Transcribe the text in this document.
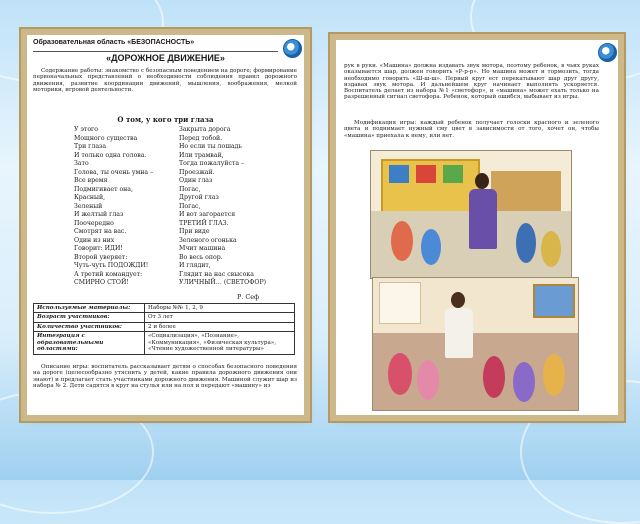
Образовательная область «БЕЗОПАСНОСТЬ»
«ДОРОЖНОЕ ДВИЖЕНИЕ»
Содержание работы: знакомство с безопасным поведением на дороге; формирование первоначальных представлений о необходимости соблюдения правил дорожного движения, развитие координации движений, мышления, воображения, мелкой моторики, игровой деятельности.
О том, у кого три глаза
У этого
Мощного существа
Три глаза
И только одна голова.
Зато
Голова, ты очень умна –
Все время
Подмигивает она,
Красный,
Зеленый
И желтый глаз
Поочередно
Смотрят на вас.
Один из них
Говорит: ИДИ!
Второй уверяет:
Чуть-чуть ПОДОЖДИ!
А третий командует:
СМИРНО СТОЙ!
Закрыта дорога
Перед тобой.
Но если ты лошадь
Или трамвай,
Тогда пожалуйста –
Проезжай.
Один глаз
Погас,
Другой глаз
Погас,
И вот загорается
ТРЕТИЙ ГЛАЗ.
При виде
Зеленого огонька
Мчит машина
Во весь опор.
И глядит,
Глядит на нас свысока
УЛИЧНЫЙ… (СВЕТОФОР)
Р. Сеф
Используемые материалы:	Наборы №№ 1, 2, 9
Возраст участников:	От 3 лет
Количество участников:	2 и более
Интеграция с образовательными областями:	«Социализация», «Познание», «Коммуникация», «Физическая культура», «Чтение художественной литературы»
Описание игры: воспитатель рассказывает детям о способах безопасного поведения на дороге (целесообразно утяснить у детей, какие правила дорожного движения они знают) и предлагает стать участниками дорожного движения. Машиной служит шар из набора № 2. Дети садятся в круг на стулья или на пол и передают «машину» из
рук в руки. «Машина» должна издавать звук мотора, поэтому ребенок, в чьих руках оказывается шар, должен говорить «Р-р-р». Но машина может и тормозить, тогда необходимо говорить «Ш-ш-ш». Первый круг ест перекатывают шар друг другу, издавая звук мотора. И дальнейшем круг начинает выполнять ускоряется. Воспитатель делает из набора №1 «светофор», и «машина» может ехать только на разрешенный сигнал светофора. Ребенок, который ошибся, выбывает из игры.
Модификация игры: каждый ребенок получает голоски красного и зеленого цвета и поднимает нужный сму цвет в зависимости от того, хочет он, чтобы «машина» приехала к нему, или нет.
